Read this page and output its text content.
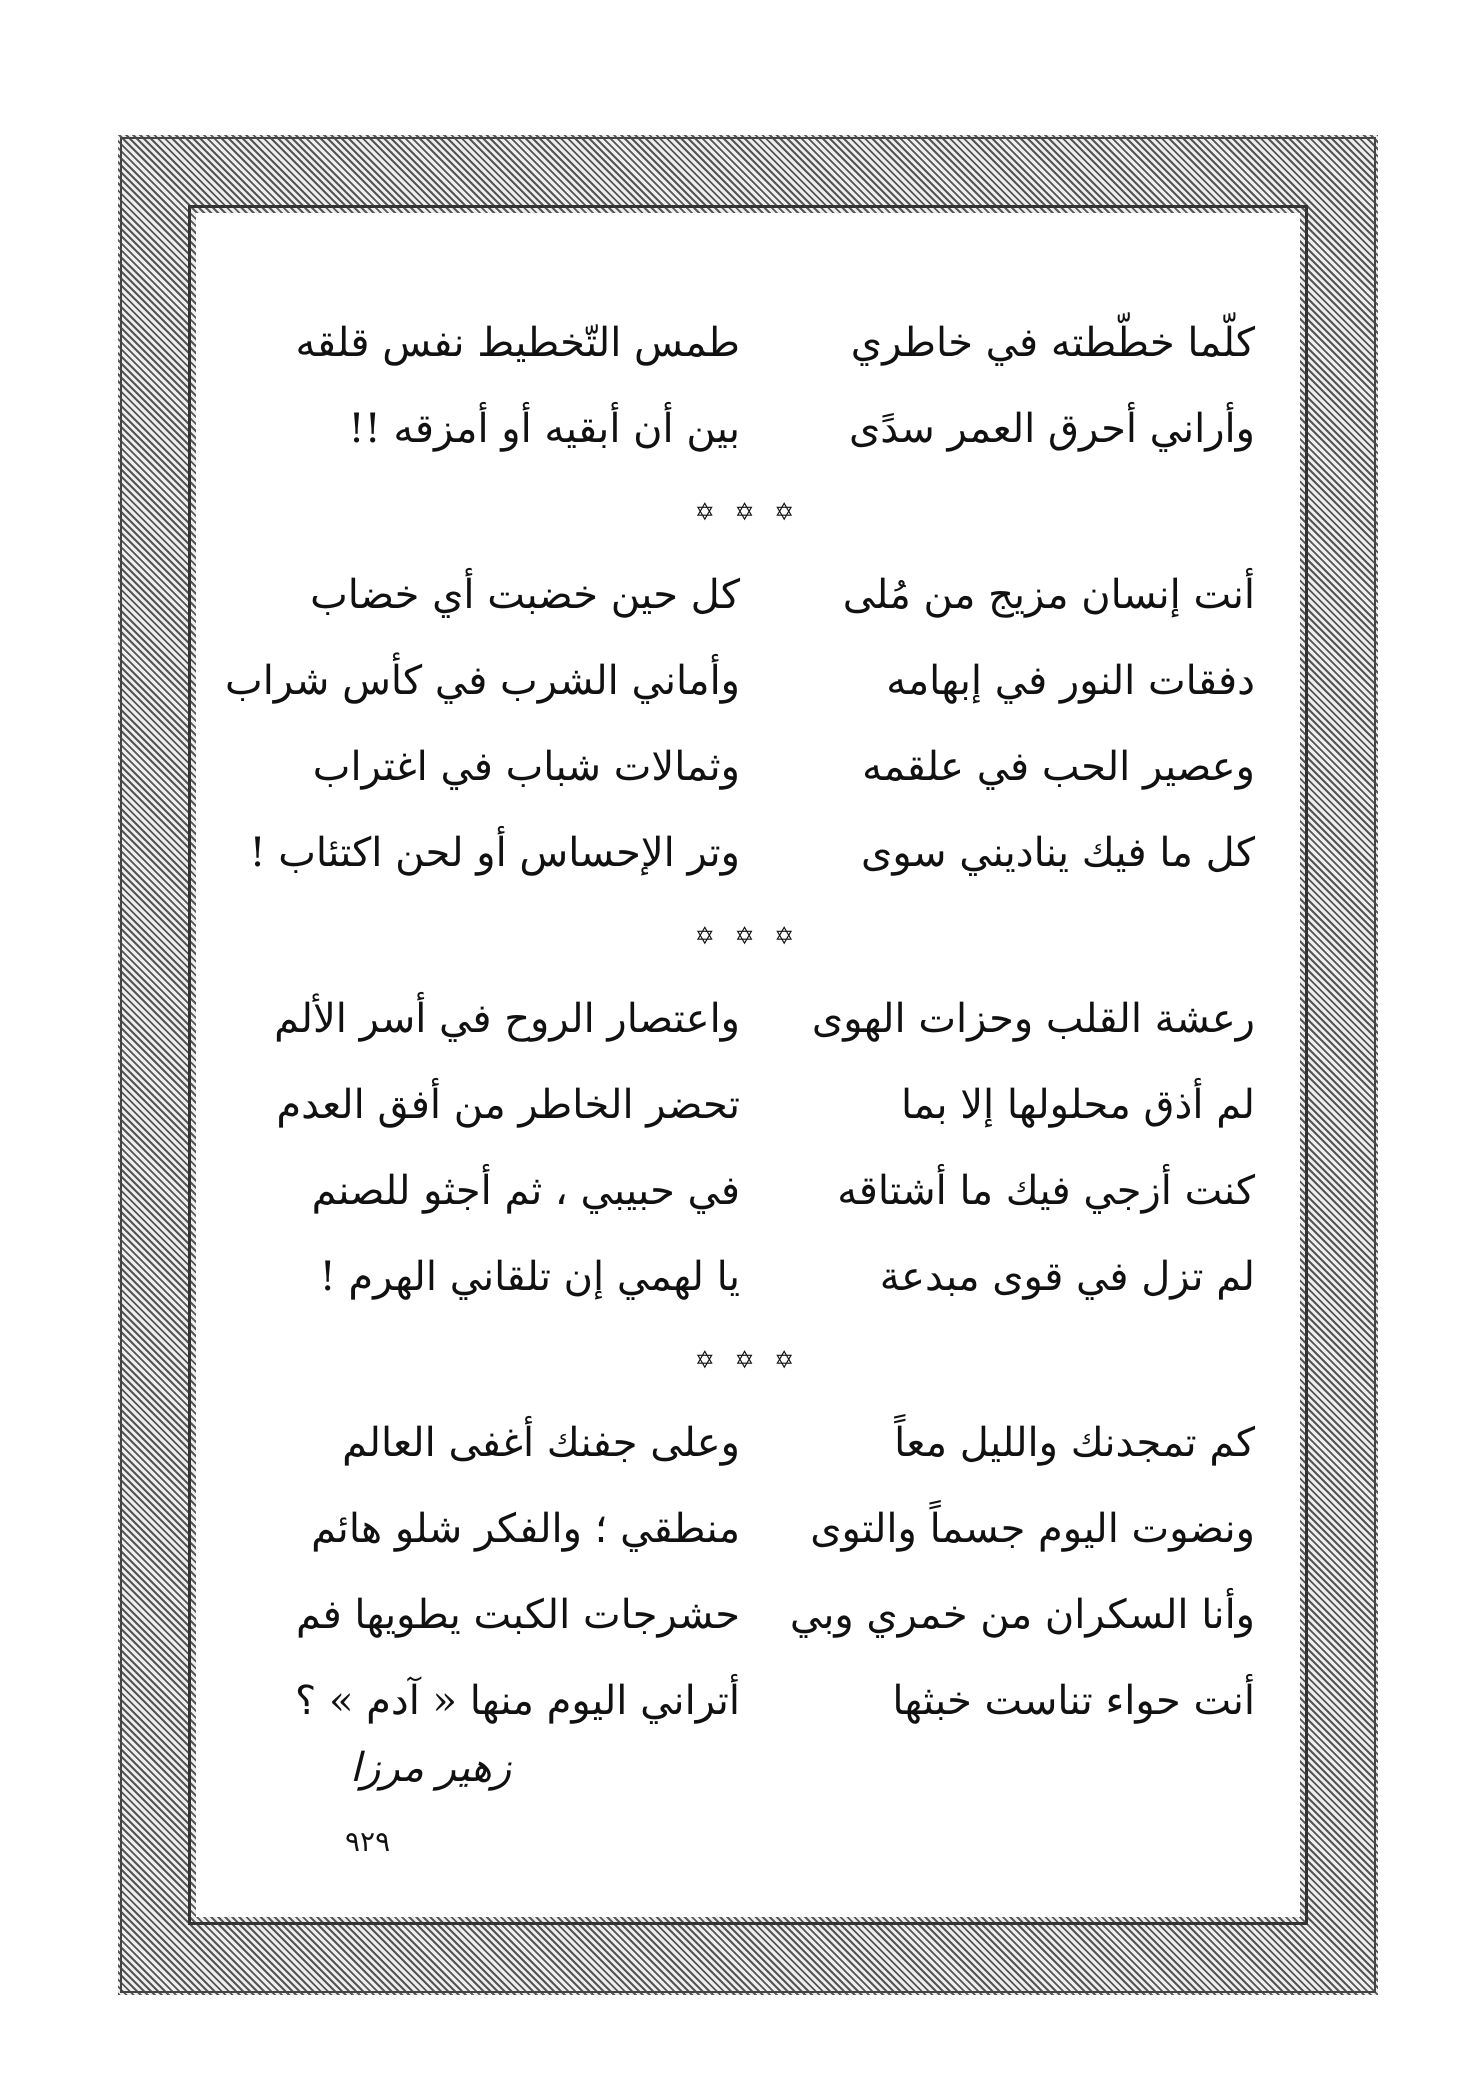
كلّما خطّطته في خاطري
طمس التّخطيط نفس قلقه
وأراني أحرق العمر سدًى
بين أن أبقيه أو أمزقه !!
✡ ✡ ✡
أنت إنسان مزيج من مُلى
كل حين خضبت أي خضاب
دفقات النور في إبهامه
وأماني الشرب في كأس شراب
وعصير الحب في علقمه
وثمالات شباب في اغتراب
كل ما فيك يناديني سوى
وتر الإحساس أو لحن اكتئاب !
✡ ✡ ✡
رعشة القلب وحزات الهوى
واعتصار الروح في أسر الألم
لم أذق محلولها إلا بما
تحضر الخاطر من أفق العدم
كنت أزجي فيك ما أشتاقه
في حبيبي ، ثم أجثو للصنم
لم تزل في قوى مبدعة
يا لهمي إن تلقاني الهرم !
✡ ✡ ✡
كم تمجدنك والليل معاً
وعلى جفنك أغفى العالم
ونضوت اليوم جسماً والتوى
منطقي ؛ والفكر شلو هائم
وأنا السكران من خمري وبي
حشرجات الكبت يطويها فم
أنت حواء تناست خبثها
أتراني اليوم منها « آدم » ؟
زهير مرزا
٩٢٩
